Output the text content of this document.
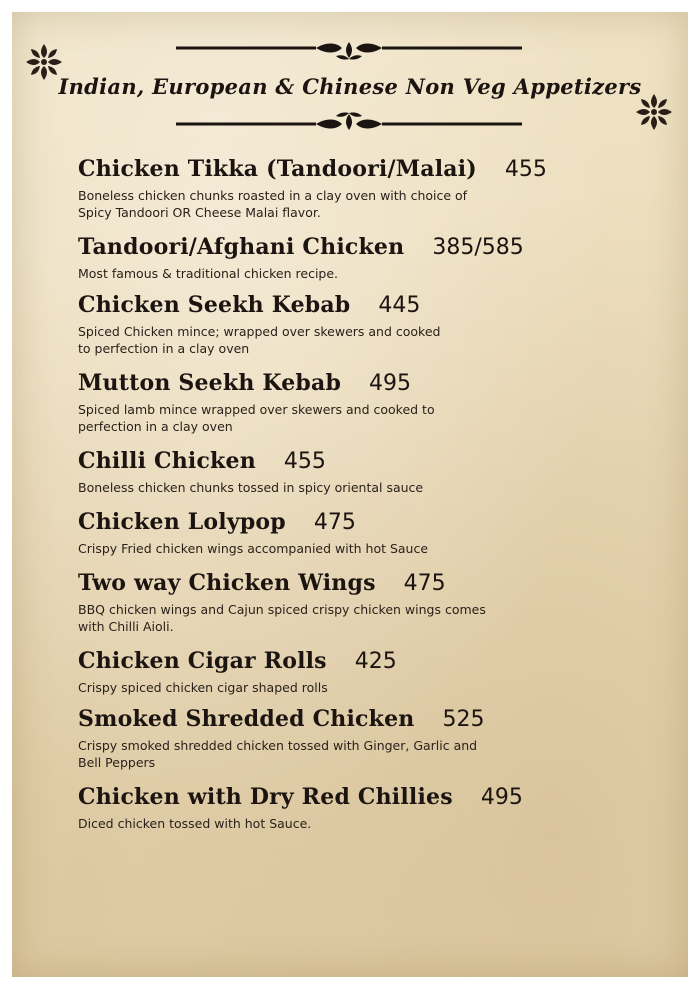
Indian, European & Chinese Non Veg Appetizers
Chicken Tikka (Tandoori/Malai) 455
Boneless chicken chunks roasted in a clay oven with choice of
Spicy Tandoori OR Cheese Malai flavor.
Tandoori/Afghani Chicken 385/585
Most famous & traditional chicken recipe.
Chicken Seekh Kebab 445
Spiced Chicken mince; wrapped over skewers and cooked
to perfection in a clay oven
Mutton Seekh Kebab 495
Spiced lamb mince wrapped over skewers and cooked to
perfection in a clay oven
Chilli Chicken 455
Boneless chicken chunks tossed in spicy oriental sauce
Chicken Lolypop 475
Crispy Fried chicken wings accompanied with hot Sauce
Two way Chicken Wings 475
BBQ chicken wings and Cajun spiced crispy chicken wings comes
with Chilli Aioli.
Chicken Cigar Rolls 425
Crispy spiced chicken cigar shaped rolls
Smoked Shredded Chicken 525
Crispy smoked shredded chicken tossed with Ginger, Garlic and
Bell Peppers
Chicken with Dry Red Chillies 495
Diced chicken tossed with hot Sauce.
